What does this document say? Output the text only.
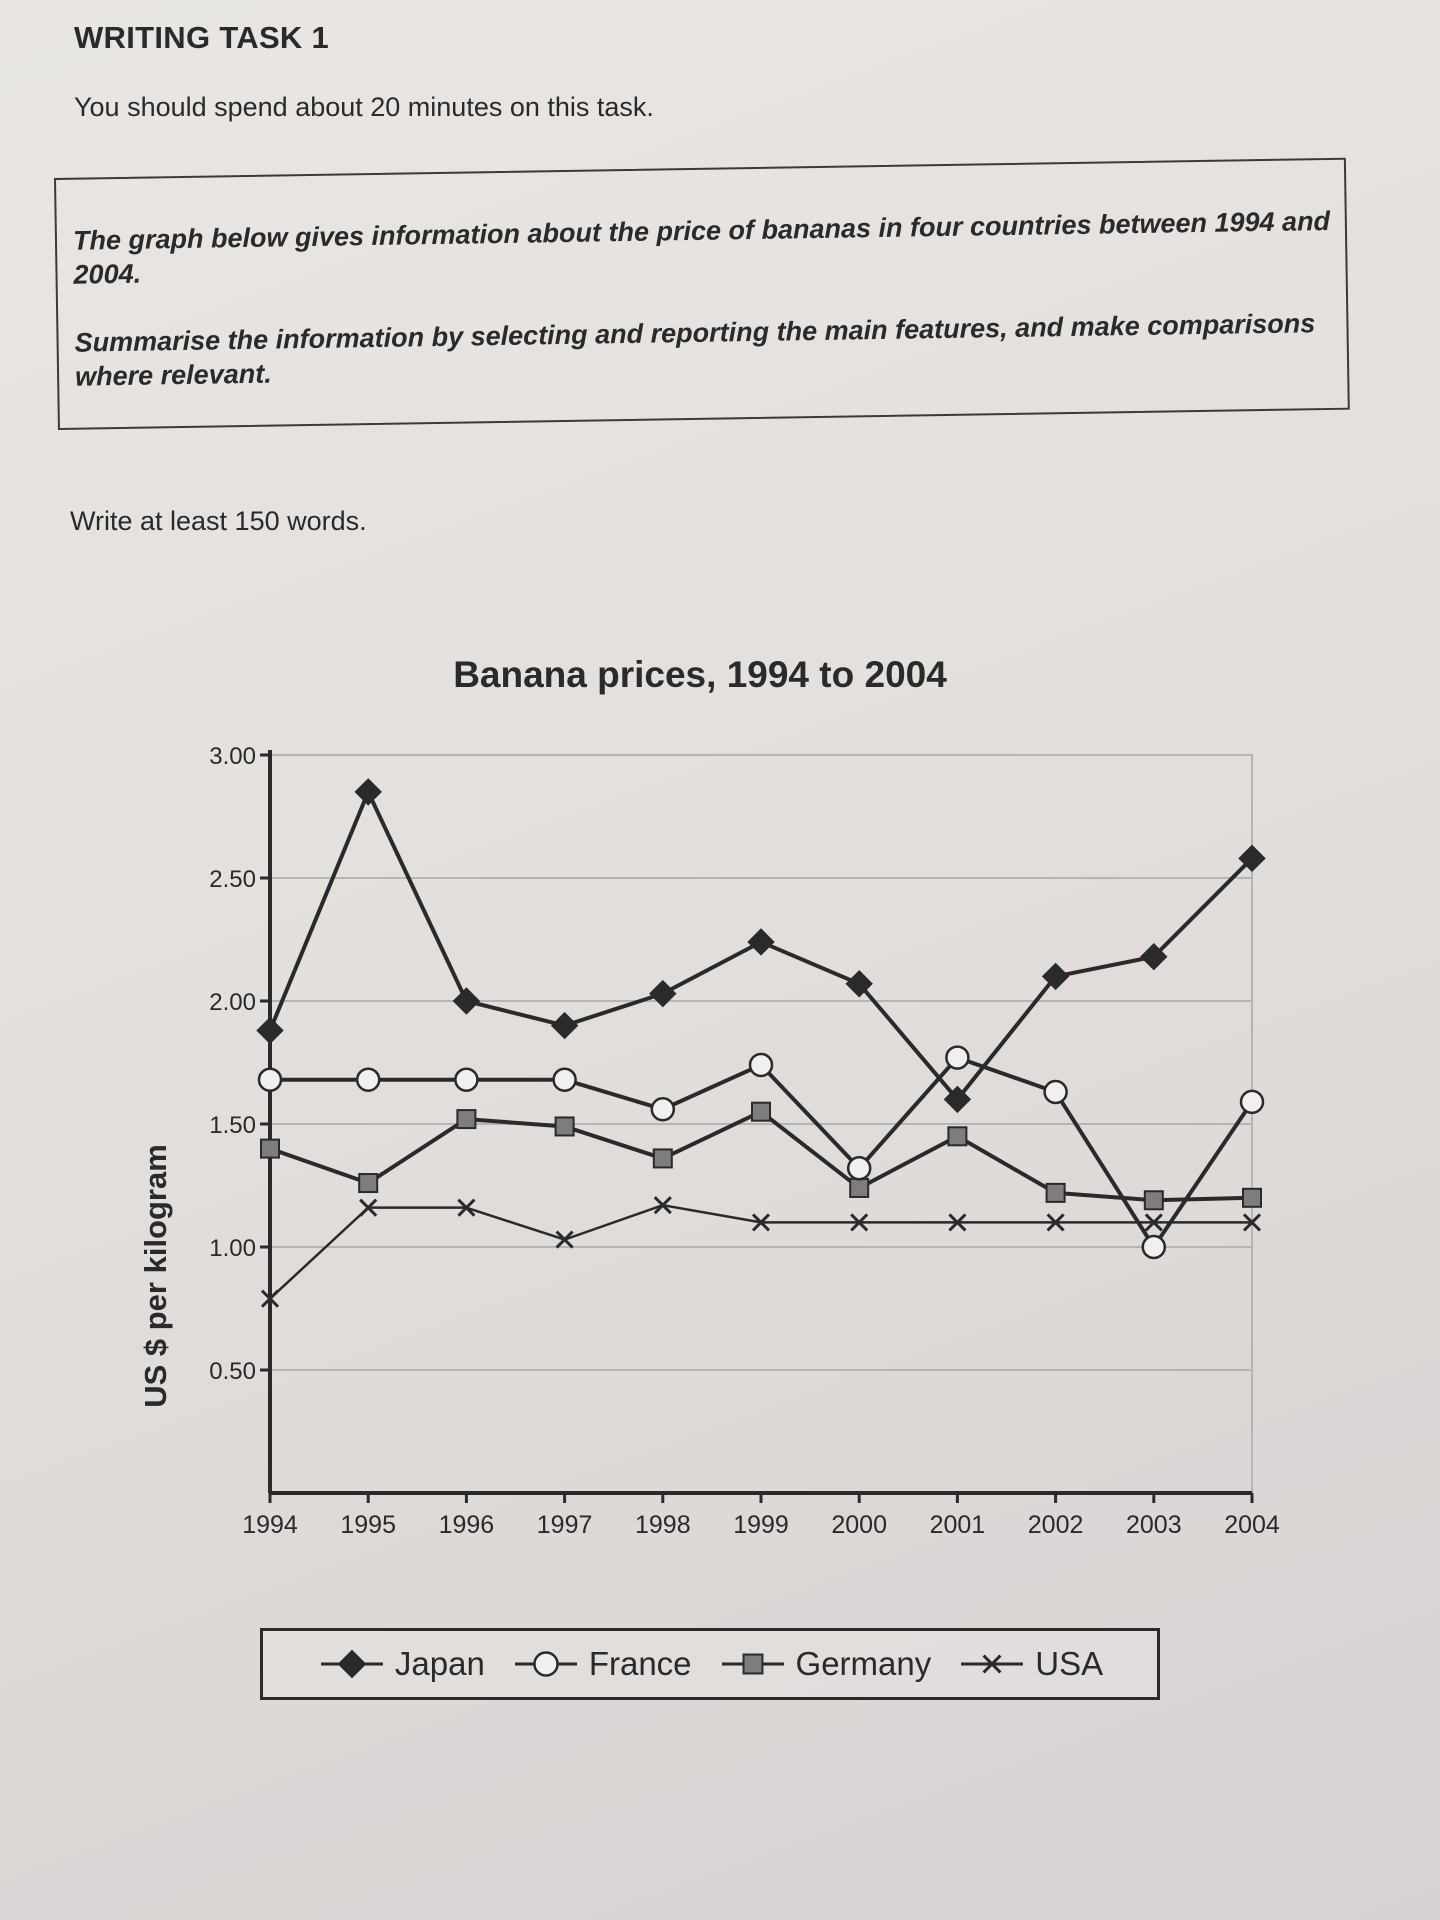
WRITING TASK 1
You should spend about 20 minutes on this task.

The graph below gives information about the price of bananas in four countries between 1994 and 2004.

Summarise the information by selecting and reporting the main features, and make comparisons where relevant.

Write at least 150 words.
Banana prices, 1994 to 2004
US $ per kilogram 0.50
1.00
1.50
2.00
2.50
3.00
1994 1995 1996 1997 1998 1999 2000 2001 2002 2003 2004
Japan	France	Germany	USA
